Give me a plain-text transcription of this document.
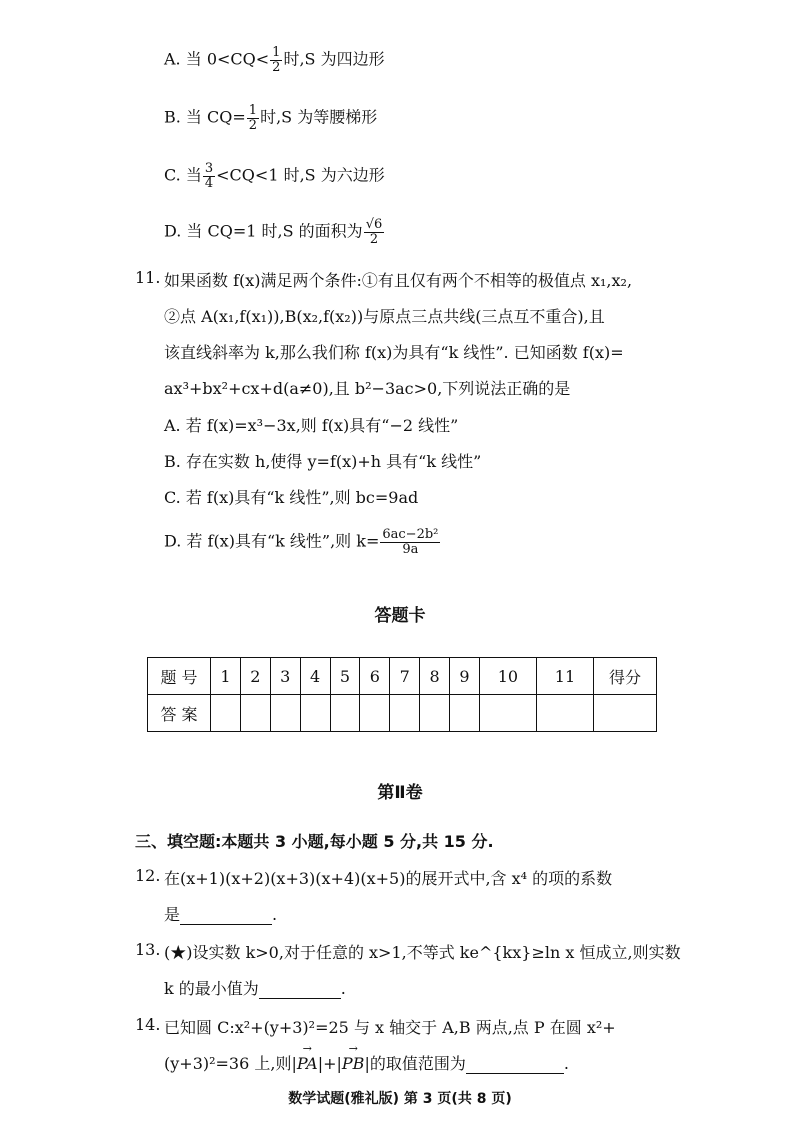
A. 当 $0<CQ< \frac{1}{2}$ 时,S 为四边形
B. 当 $CQ= \frac{1}{2}$ 时,S 为等腰梯形
C. 当 $\frac{3}{4} <CQ<1$ 时,S 为六边形
D. 当 CQ=1 时,S 的面积为 $\frac{√6}{2}$
11. 如果函数 f(x)满足两个条件:①有且仅有两个不相等的极值点 x₁,x₂,
②点 A(x₁,f(x₁)),B(x₂,f(x₂))与原点三点共线(三点互不重合),且
该直线斜率为 k,那么我们称 f(x)为具有“k 线性”. 已知函数 f(x)=
ax³+bx²+cx+d(a≠0),且 b²−3ac>0,下列说法正确的是
A. 若 f(x)=x³−3x,则 f(x)具有“−2 线性”
B. 存在实数 h,使得 y=f(x)+h 具有“k 线性”
C. 若 f(x)具有“k 线性”,则 bc=9ad
D. 若 f(x)具有“k 线性”,则 $k= \frac{\text{6ac−2b²}}{9a}$
答题卡
题 号	1	2	3	4	5	6	7	8	9	10	11	得分
答 案												
第Ⅱ卷
三、填空题:本题共 3 小题,每小题 5 分,共 15 分.
12. 在(x+1)(x+2)(x+3)(x+4)(x+5)的展开式中,含 x⁴ 的项的系数
是	.
13. (★)设实数 k>0,对于任意的 x>1,不等式 ke^{kx}≥ln x 恒成立,则实数
k 的最小值为	.
14. 已知圆 C:x²+(y+3)²=25 与 x 轴交于 A,B 两点,点 P 在圆 x²+
(y+3)²=36 上,则|→ PA|+|→ PB|的取值范围为	.
数学试题(雅礼版) 第 3 页(共 8 页)
